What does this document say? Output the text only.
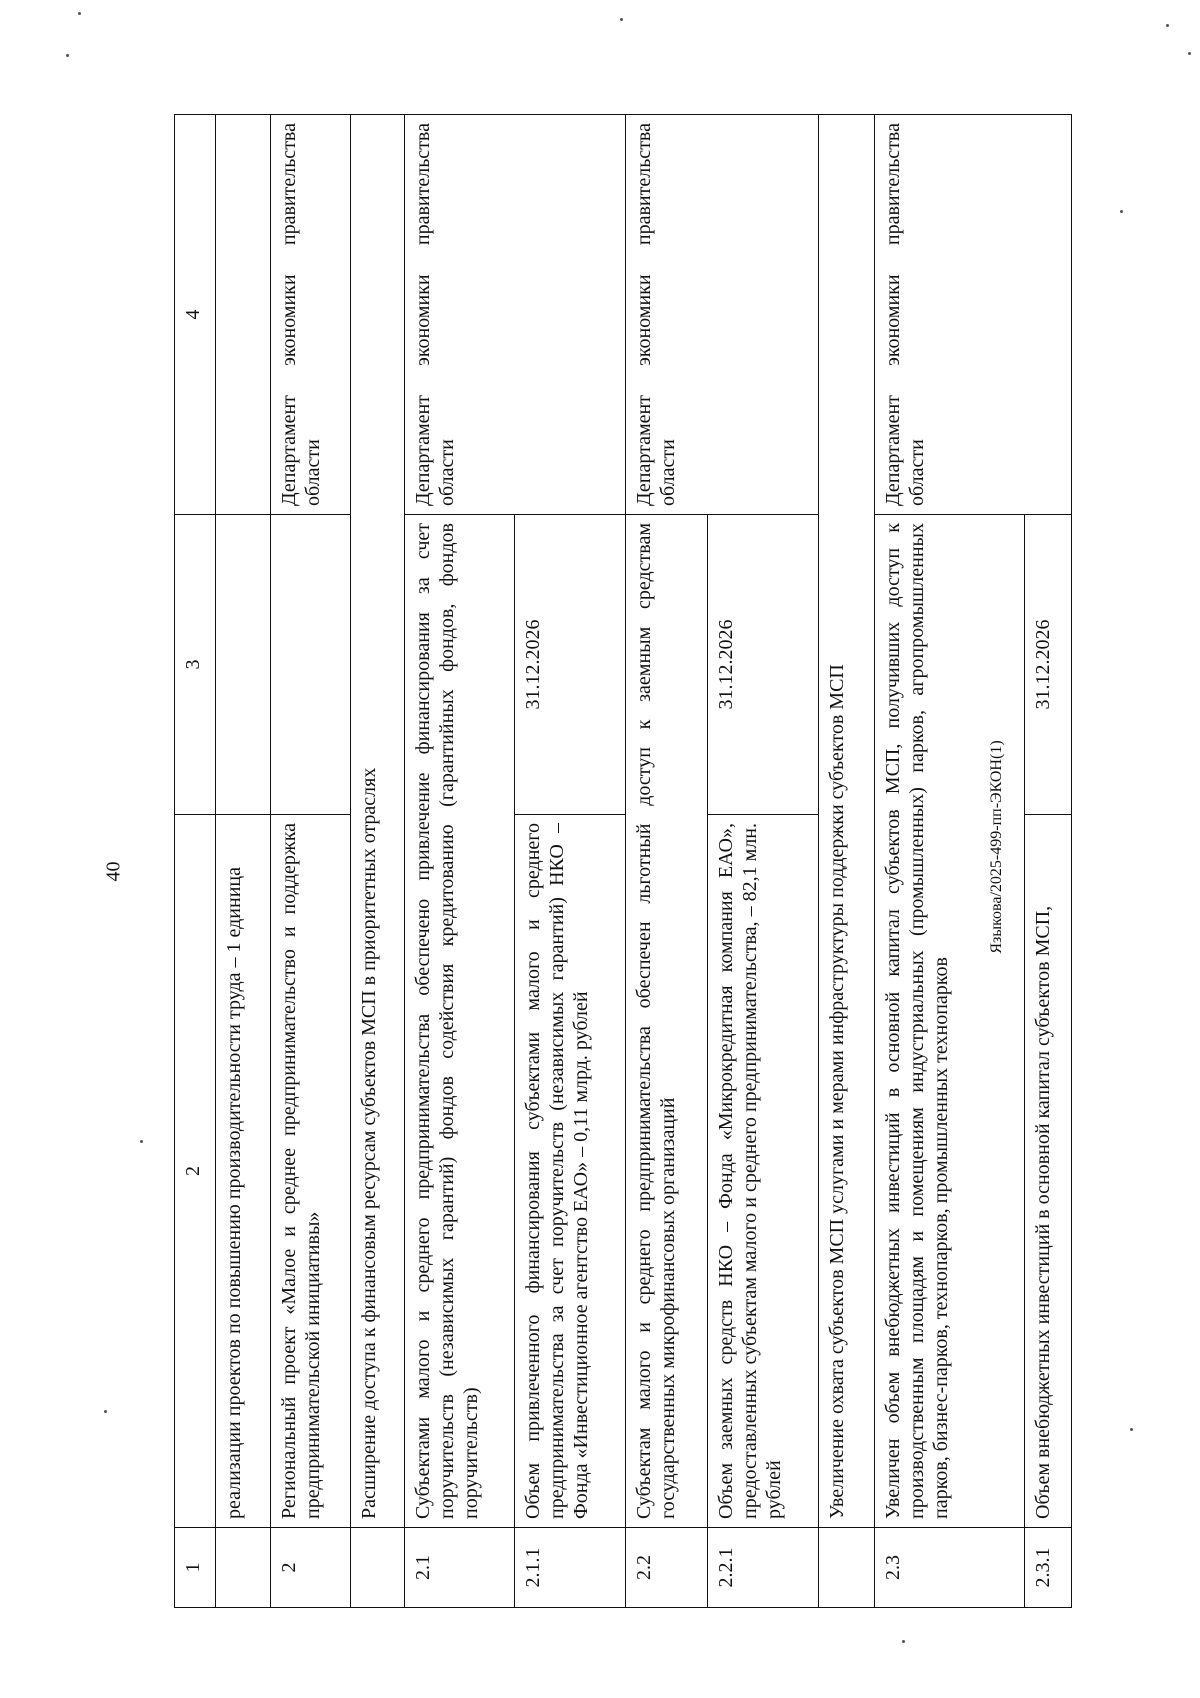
40
1	2	3	4
	реализации проектов по повышению производительности труда – 1 единица		
2	Региональный проект «Малое и среднее предпринимательство и поддержка предпринимательской инициативы»		Департамент экономики правительства области
	Расширение доступа к финансовым ресурсам субъектов МСП в приоритетных отраслях		
2.1	Субъектами малого и среднего предпринимательства обеспечено привлечение финансирования за счет поручительств (независимых гарантий) фондов содействия кредитованию (гарантийных фондов, фондов поручительств)		Департамент экономики правительства области
2.1.1	Объем привлеченного финансирования субъектами малого и среднего предпринимательства за счет поручительств (независимых гарантий) НКО – Фонда «Инвестиционное агентство ЕАО» – 0,11 млрд. рублей	31.12.2026	
2.2	Субъектам малого и среднего предпринимательства обеспечен льготный доступ к заемным средствам государственных микрофинансовых организаций		Департамент экономики правительства области
2.2.1	Объем заемных средств НКО – Фонда «Микрокредитная компания ЕАО», предоставленных субъектам малого и среднего предпринимательства, – 82,1 млн. рублей	31.12.2026	
	Увеличение охвата субъектов МСП услугами и мерами инфраструктуры поддержки субъектов МСП		
2.3	Увеличен объем внебюджетных инвестиций в основной капитал субъектов МСП, получивших доступ к производственным площадям и помещениям индустриальных (промышленных) парков, агропромышленных парков, бизнес-парков, технопарков, промышленных технопарков		Департамент экономики правительства области
2.3.1	Объем внебюджетных инвестиций в основной капитал субъектов МСП,	31.12.2026	
Языкова/2025-499-пп-ЭКОН(1)
